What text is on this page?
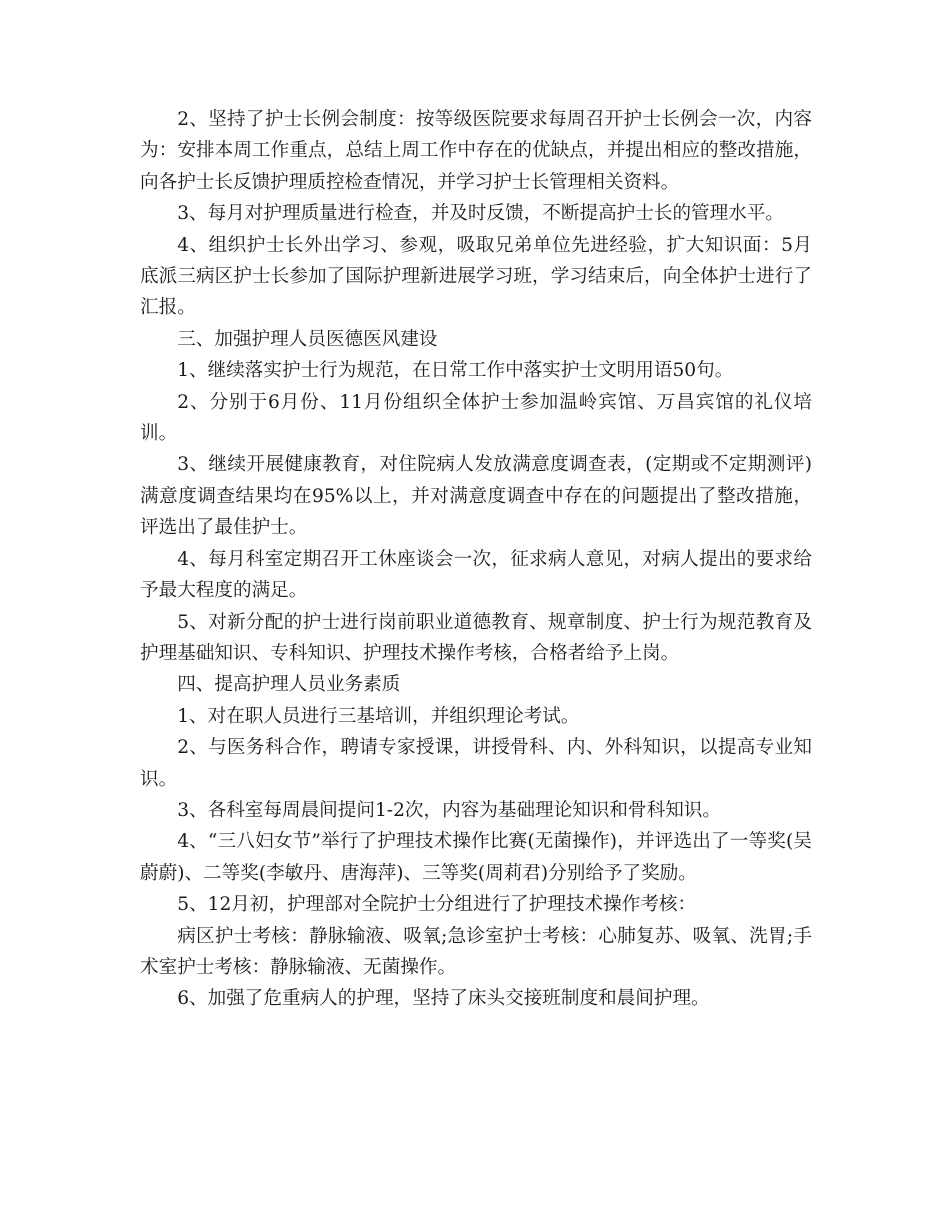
2、坚持了护士长例会制度：按等级医院要求每周召开护士长例会一次，内容为：安排本周工作重点，总结上周工作中存在的优缺点，并提出相应的整改措施，向各护士长反馈护理质控检查情况，并学习护士长管理相关资料。

3、每月对护理质量进行检查，并及时反馈，不断提高护士长的管理水平。

4、组织护士长外出学习、参观，吸取兄弟单位先进经验，扩大知识面：5月底派三病区护士长参加了国际护理新进展学习班，学习结束后，向全体护士进行了汇报。

三、加强护理人员医德医风建设

1、继续落实护士行为规范，在日常工作中落实护士文明用语50句。

2、分别于6月份、11月份组织全体护士参加温岭宾馆、万昌宾馆的礼仪培训。

3、继续开展健康教育，对住院病人发放满意度调查表，(定期或不定期测评)满意度调查结果均在95%以上，并对满意度调查中存在的问题提出了整改措施，评选出了最佳护士。

4、每月科室定期召开工休座谈会一次，征求病人意见，对病人提出的要求给予最大程度的满足。

5、对新分配的护士进行岗前职业道德教育、规章制度、护士行为规范教育及护理基础知识、专科知识、护理技术操作考核，合格者给予上岗。

四、提高护理人员业务素质

1、对在职人员进行三基培训，并组织理论考试。

2、与医务科合作，聘请专家授课，讲授骨科、内、外科知识，以提高专业知识。

3、各科室每周晨间提问1-2次，内容为基础理论知识和骨科知识。

4、“三八妇女节”举行了护理技术操作比赛(无菌操作)，并评选出了一等奖(吴蔚蔚)、二等奖(李敏丹、唐海萍)、三等奖(周莉君)分别给予了奖励。

5、12月初，护理部对全院护士分组进行了护理技术操作考核：

病区护士考核：静脉输液、吸氧;急诊室护士考核：心肺复苏、吸氧、洗胃;手术室护士考核：静脉输液、无菌操作。

6、加强了危重病人的护理，坚持了床头交接班制度和晨间护理。
